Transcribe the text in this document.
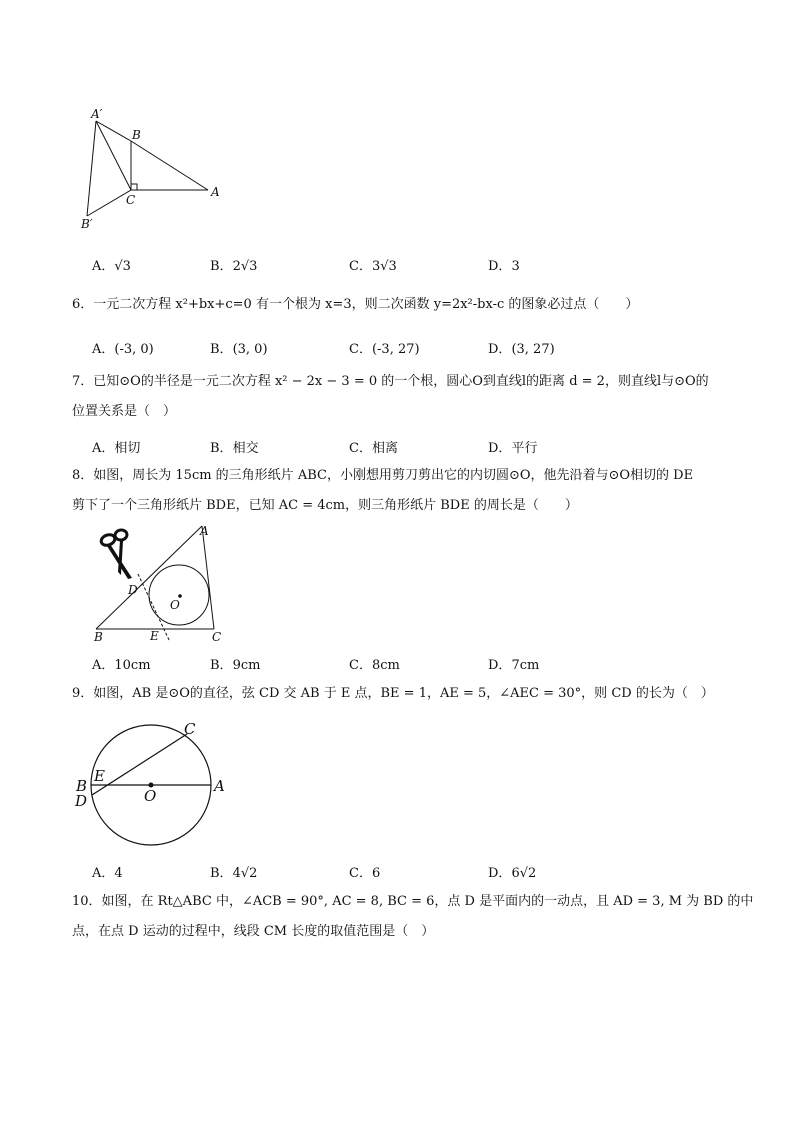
A′
B
C
A
B′
A．√3	B．2√3	C．3√3	D．3
6．一元二次方程 x²+bx+c=0 有一个根为 x=3，则二次函数 y=2x²-bx-c 的图象必过点（　　）
A．(-3, 0)	B．(3, 0)	C．(-3, 27)	D．(3, 27)
7．已知⊙O的半径是一元二次方程 x² − 2x − 3 = 0 的一个根，圆心O到直线l的距离 d = 2，则直线l与⊙O的
位置关系是（　）
A．相切	B．相交	C．相离	D．平行
8．如图，周长为 15cm 的三角形纸片 ABC，小刚想用剪刀剪出它的内切圆⊙O，他先沿着与⊙O相切的 DE
剪下了一个三角形纸片 BDE，已知 AC = 4cm，则三角形纸片 BDE 的周长是（　　）
A
D
O
B	E	C
A．10cm	B．9cm	C．8cm	D．7cm
9．如图，AB 是⊙O的直径，弦 CD 交 AB 于 E 点，BE = 1，AE = 5，∠AEC = 30°，则 CD 的长为（　）
C
B
E
D	O
A
A．4	B．4√2	C．6	D．6√2
10．如图，在 Rt△ABC 中，∠ACB = 90°, AC = 8, BC = 6，点 D 是平面内的一动点，且 AD = 3, M 为 BD 的中
点，在点 D 运动的过程中，线段 CM 长度的取值范围是（　）
